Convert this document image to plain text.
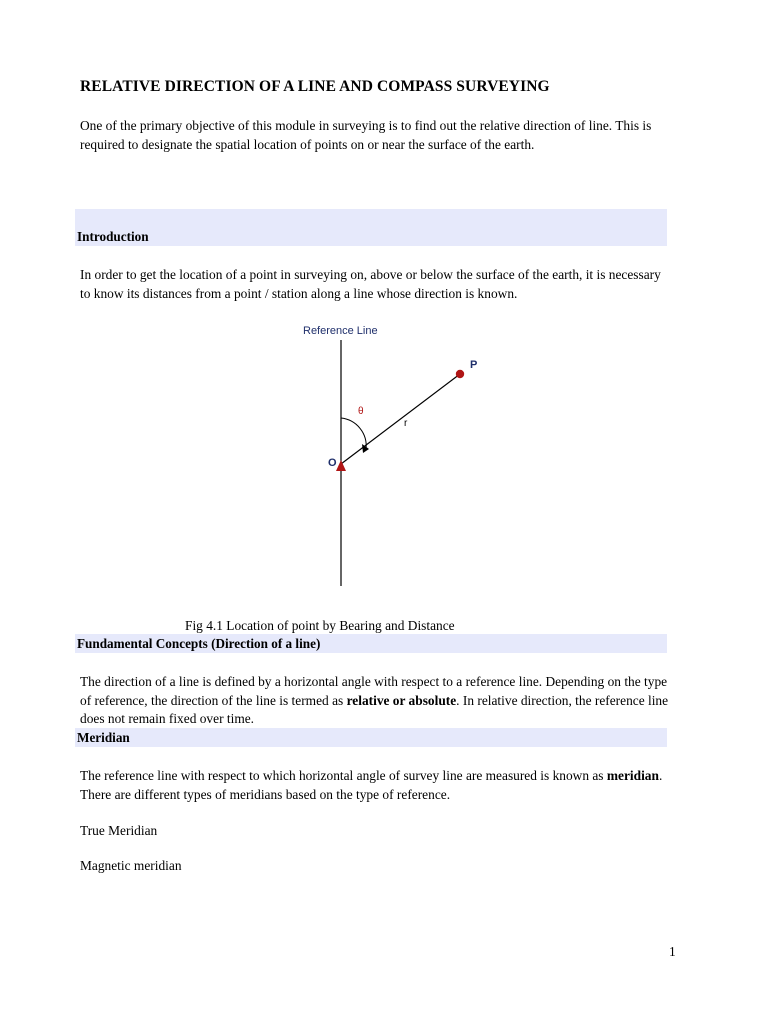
RELATIVE DIRECTION OF A LINE AND COMPASS SURVEYING
One of the primary objective of this module in surveying is to find out the relative direction of line. This is required to designate the spatial location of points on or near the surface of the earth.
Introduction
In order to get the location of a point in surveying on, above or below the surface of the earth, it is necessary to know its distances from a point / station along a line whose direction is known.
Reference Line
θ
r
P
O
Fig 4.1 Location of point by Bearing and Distance
Fundamental Concepts (Direction of a line)
The direction of a line is defined by a horizontal angle with respect to a reference line. Depending on the type of reference, the direction of the line is termed as relative or absolute. In relative direction, the reference line does not remain fixed over time.
Meridian
The reference line with respect to which horizontal angle of survey line are measured is known as meridian. There are different types of meridians based on the type of reference.
True Meridian
Magnetic meridian
1
